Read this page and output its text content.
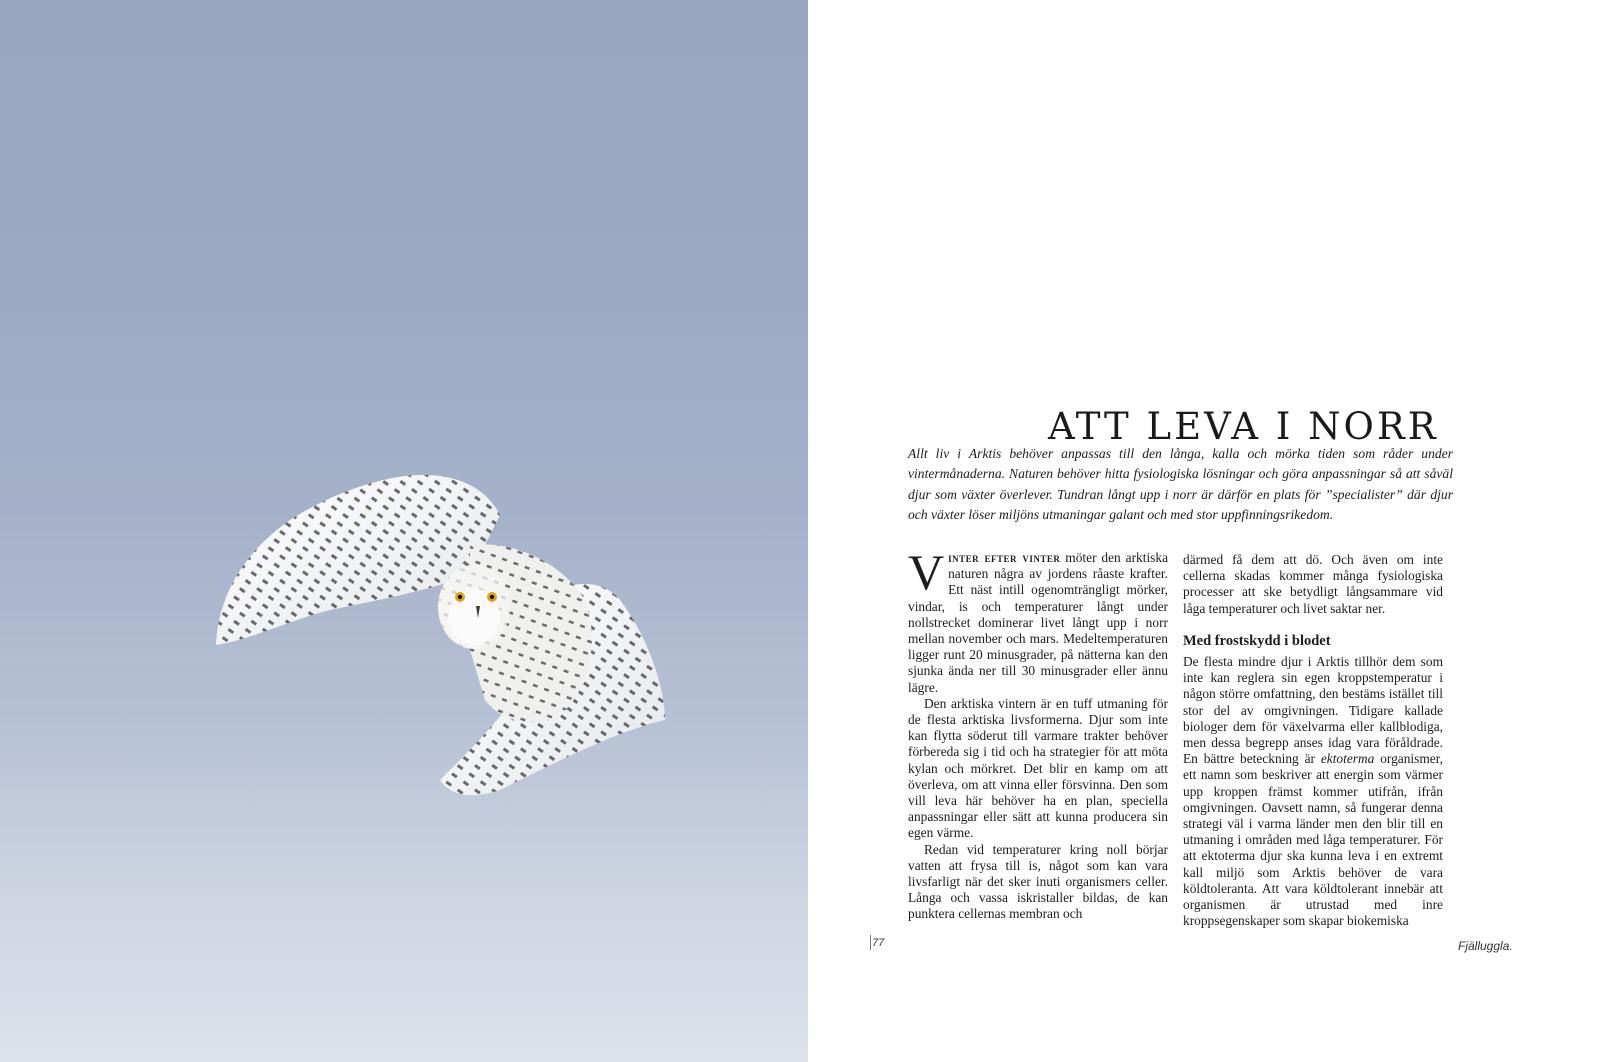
ATT LEVA I NORR

Allt liv i Arktis behöver anpassas till den långa, kalla och mörka tiden som råder under vintermånaderna. Naturen behöver hitta fysiologiska lösningar och göra anpassningar så att såväl djur som växter överlever. Tundran långt upp i norr är därför en plats för ”specialister” där djur och växter löser miljöns utmaningar galant och med stor uppfinningsrikedom.

Vinter efter vinter möter den arktiska naturen några av jordens råaste krafter. Ett näst intill ogenomträngligt mörker, vindar, is och temperaturer långt under nollstrecket dominerar livet långt upp i norr mellan november och mars. Medeltemperaturen ligger runt 20 minusgrader, på nätterna kan den sjunka ända ner till 30 minusgrader eller ännu lägre.

Den arktiska vintern är en tuff utmaning för de flesta arktiska livsformerna. Djur som inte kan flytta söderut till varmare trakter behöver förbereda sig i tid och ha strategier för att möta kylan och mörkret. Det blir en kamp om att överleva, om att vinna eller försvinna. Den som vill leva här behöver ha en plan, speciella anpassningar eller sätt att kunna producera sin egen värme.

Redan vid temperaturer kring noll börjar vatten att frysa till is, något som kan vara livsfarligt när det sker inuti organismers celler. Långa och vassa iskristaller bildas, de kan punktera cellernas membran och

därmed få dem att dö. Och även om inte cellerna skadas kommer många fysiologiska processer att ske betydligt långsammare vid låga temperaturer och livet saktar ner.

Med frostskydd i blodet

De flesta mindre djur i Arktis tillhör dem som inte kan reglera sin egen kroppstemperatur i någon större omfattning, den bestäms istället till stor del av omgivningen. Tidigare kallade biologer dem för växelvarma eller kallblodiga, men dessa begrepp anses idag vara föråldrade. En bättre beteckning är ektoterma organismer, ett namn som beskriver att energin som värmer upp kroppen främst kommer utifrån, ifrån omgivningen. Oavsett namn, så fungerar denna strategi väl i varma länder men den blir till en utmaning i områden med låga temperaturer. För att ektoterma djur ska kunna leva i en extremt kall miljö som Arktis behöver de vara köldtoleranta. Att vara köldtolerant innebär att organismen är utrustad med inre kroppsegenskaper som skapar biokemiska

77	Fjälluggla.
